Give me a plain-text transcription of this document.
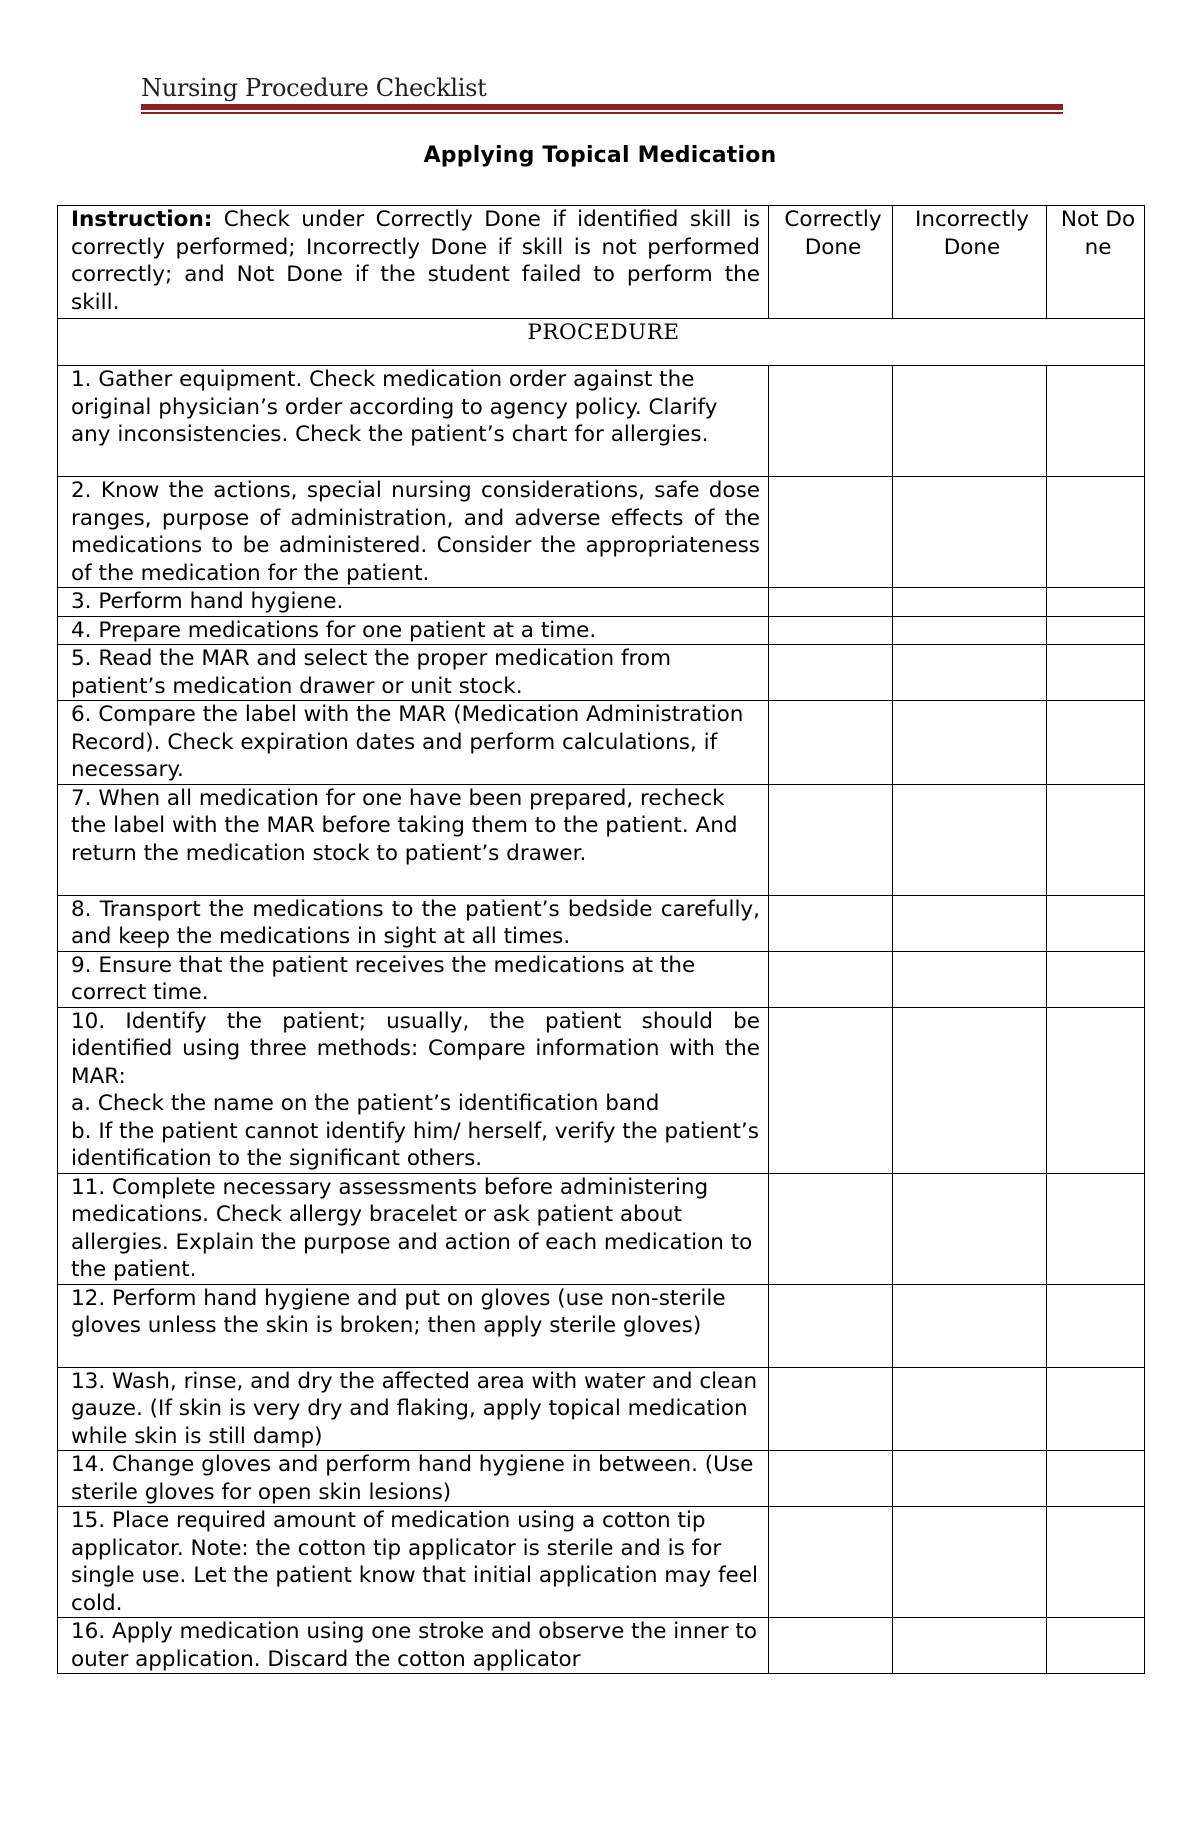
Nursing Procedure Checklist
Applying Topical Medication
Instruction: Check under Correctly Done if identified skill is correctly performed; Incorrectly Done if skill is not performed correctly; and Not Done if the student failed to perform the skill.	Correctly Done	Incorrectly Done	Not Done
PROCEDURE			
1. Gather equipment. Check medication order against the original physician’s order according to agency policy. Clarify any inconsistencies. Check the patient’s chart for allergies.			
2. Know the actions, special nursing considerations, safe dose ranges, purpose of administration, and adverse effects of the medications to be administered. Consider the appropriateness of the medication for the patient.			
3. Perform hand hygiene.			
4. Prepare medications for one patient at a time.			
5. Read the MAR and select the proper medication from patient’s medication drawer or unit stock.			
6. Compare the label with the MAR (Medication Administration Record). Check expiration dates and perform calculations, if necessary.			
7. When all medication for one have been prepared, recheck the label with the MAR before taking them to the patient. And return the medication stock to patient’s drawer.			
8. Transport the medications to the patient’s bedside carefully, and keep the medications in sight at all times.			
9. Ensure that the patient receives the medications at the correct time.			

10. Identify the patient; usually, the patient should be identified using three methods: Compare information with the MAR:
a. Check the name on the patient’s identification band
b. If the patient cannot identify him/ herself, verify the patient’s identification to the significant others.			

11. Complete necessary assessments before administering medications. Check allergy bracelet or ask patient about allergies. Explain the purpose and action of each medication to the patient.			
12. Perform hand hygiene and put on gloves (use non-sterile gloves unless the skin is broken; then apply sterile gloves)			
13. Wash, rinse, and dry the affected area with water and clean gauze. (If skin is very dry and flaking, apply topical medication while skin is still damp)			
14. Change gloves and perform hand hygiene in between. (Use sterile gloves for open skin lesions)			
15. Place required amount of medication using a cotton tip applicator. Note: the cotton tip applicator is sterile and is for single use. Let the patient know that initial application may feel cold.			
16. Apply medication using one stroke and observe the inner to outer application. Discard the cotton applicator			
